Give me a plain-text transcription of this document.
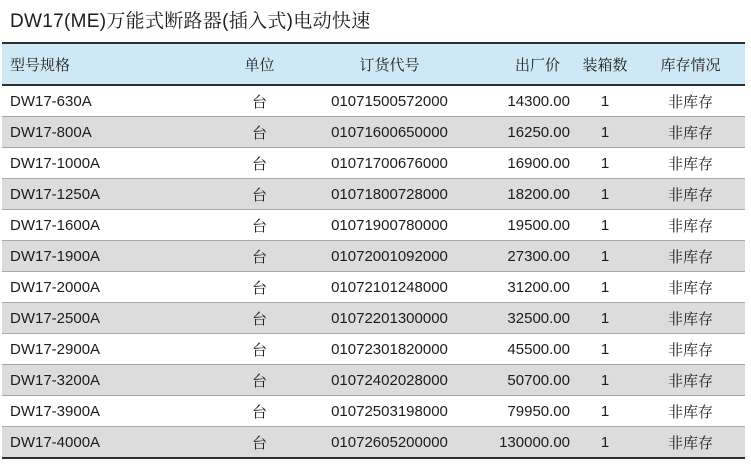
DW17(ME)万能式断路器(插入式)电动快速
型号规格	单位	订货代号	出厂价	装箱数	库存情况
DW17-630A	台	01071500572000	14300.00	1	非库存
DW17-800A	台	01071600650000	16250.00	1	非库存
DW17-1000A	台	01071700676000	16900.00	1	非库存
DW17-1250A	台	01071800728000	18200.00	1	非库存
DW17-1600A	台	01071900780000	19500.00	1	非库存
DW17-1900A	台	01072001092000	27300.00	1	非库存
DW17-2000A	台	01072101248000	31200.00	1	非库存
DW17-2500A	台	01072201300000	32500.00	1	非库存
DW17-2900A	台	01072301820000	45500.00	1	非库存
DW17-3200A	台	01072402028000	50700.00	1	非库存
DW17-3900A	台	01072503198000	79950.00	1	非库存
DW17-4000A	台	01072605200000	130000.00	1	非库存
